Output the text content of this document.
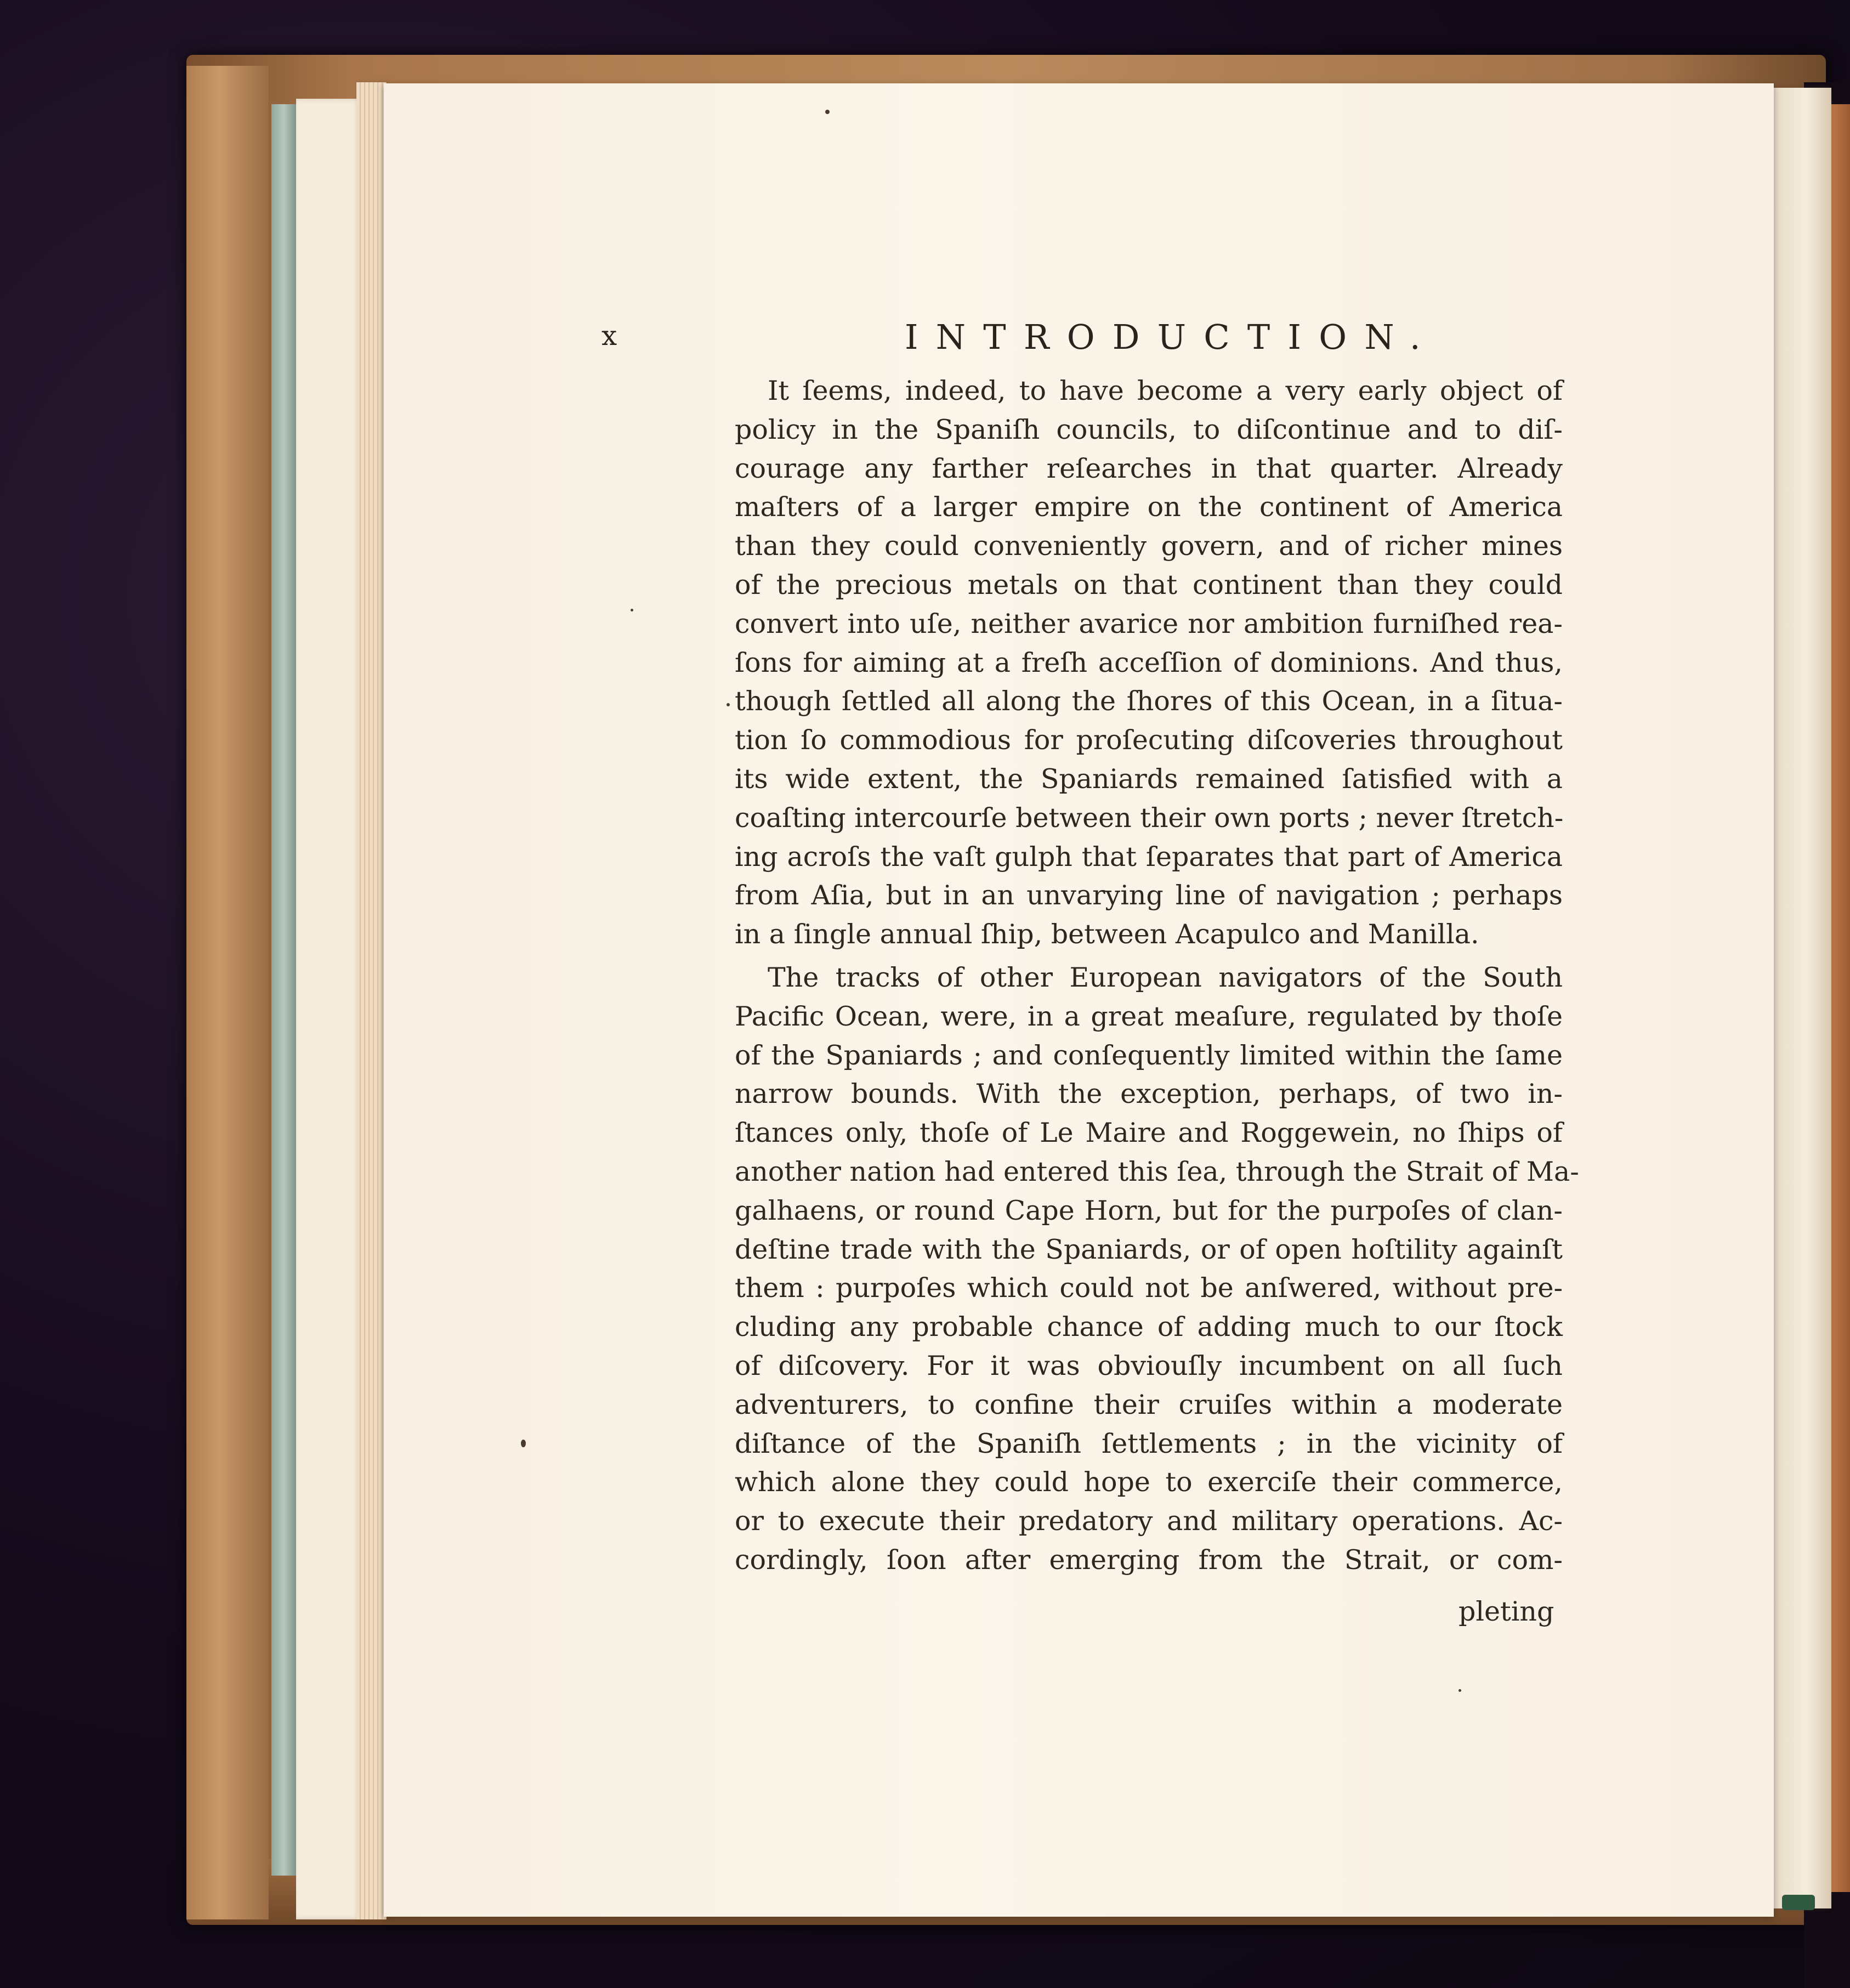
x	INTRODUCTION.
It ſeems, indeed, to have become a very early object of
policy in the Spaniſh councils, to diſcontinue and to diſ-
courage any farther reſearches in that quarter. Already
maſters of a larger empire on the continent of America
than they could conveniently govern, and of richer mines
of the precious metals on that continent than they could
convert into uſe, neither avarice nor ambition furniſhed rea-
ſons for aiming at a freſh acceſſion of dominions. And thus,
though ſettled all along the ſhores of this Ocean, in a ſitua-
tion ſo commodious for proſecuting diſcoveries throughout
its wide extent, the Spaniards remained ſatisfied with a
coaſting intercourſe between their own ports ; never ſtretch-
ing acroſs the vaſt gulph that ſeparates that part of America
from Aſia, but in an unvarying line of navigation ; perhaps
in a ſingle annual ſhip, between Acapulco and Manilla.
The tracks of other European navigators of the South
Pacific Ocean, were, in a great meaſure, regulated by thoſe
of the Spaniards ; and conſequently limited within the ſame
narrow bounds. With the exception, perhaps, of two in-
ſtances only, thoſe of Le Maire and Roggewein, no ſhips of
another nation had entered this ſea, through the Strait of Ma-
galhaens, or round Cape Horn, but for the purpoſes of clan-
deſtine trade with the Spaniards, or of open hoſtility againſt
them : purpoſes which could not be anſwered, without pre-
cluding any probable chance of adding much to our ſtock
of diſcovery. For it was obviouſly incumbent on all ſuch
adventurers, to confine their cruiſes within a moderate
diſtance of the Spaniſh ſettlements ; in the vicinity of
which alone they could hope to exerciſe their commerce,
or to execute their predatory and military operations. Ac-
cordingly, ſoon after emerging from the Strait, or com-
pleting
